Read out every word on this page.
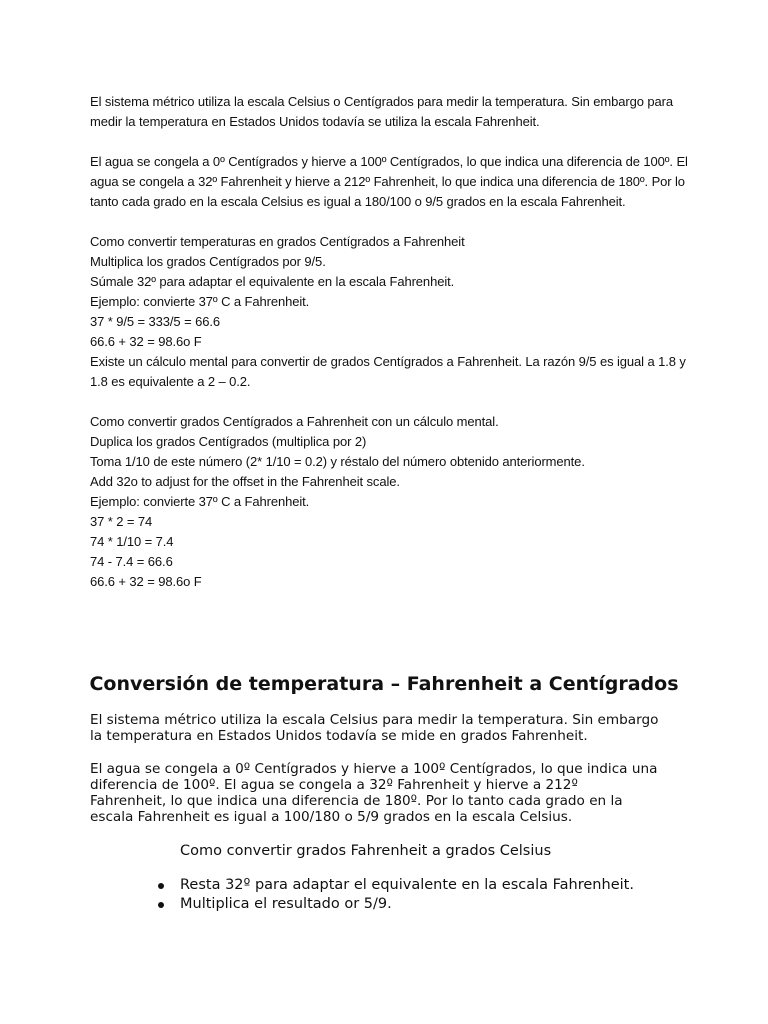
El sistema métrico utiliza la escala Celsius o Centígrados para medir la temperatura. Sin embargo para
medir la temperatura en Estados Unidos todavía se utiliza la escala Fahrenheit.
El agua se congela a 0º Centígrados y hierve a 100º Centígrados, lo que indica una diferencia de 100º. El
agua se congela a 32º Fahrenheit y hierve a 212º Fahrenheit, lo que indica una diferencia de 180º. Por lo
tanto cada grado en la escala Celsius es igual a 180/100 o 9/5 grados en la escala Fahrenheit.
Como convertir temperaturas en grados Centígrados a Fahrenheit
Multiplica los grados Centígrados por 9/5.
Súmale 32º para adaptar el equivalente en la escala Fahrenheit.
Ejemplo: convierte 37º C a Fahrenheit.
37 * 9/5 = 333/5 = 66.6
66.6 + 32 = 98.6o F
Existe un cálculo mental para convertir de grados Centígrados a Fahrenheit. La razón 9/5 es igual a 1.8 y
1.8 es equivalente a 2 – 0.2.
Como convertir grados Centígrados a Fahrenheit con un cálculo mental.
Duplica los grados Centígrados (multiplica por 2)
Toma 1/10 de este número (2* 1/10 = 0.2) y réstalo del número obtenido anteriormente.
Add 32o to adjust for the offset in the Fahrenheit scale.
Ejemplo: convierte 37º C a Fahrenheit.
37 * 2 = 74
74 * 1/10 = 7.4
74 - 7.4 = 66.6
66.6 + 32 = 98.6o F
Conversión de temperatura – Fahrenheit a Centígrados
El sistema métrico utiliza la escala Celsius para medir la temperatura. Sin embargo
la temperatura en Estados Unidos todavía se mide en grados Fahrenheit.
El agua se congela a 0º Centígrados y hierve a 100º Centígrados, lo que indica una
diferencia de 100º. El agua se congela a 32º Fahrenheit y hierve a 212º
Fahrenheit, lo que indica una diferencia de 180º. Por lo tanto cada grado en la
escala Fahrenheit es igual a 100/180 o 5/9 grados en la escala Celsius.

Como convertir grados Fahrenheit a grados Celsius

Resta 32º para adaptar el equivalente en la escala Fahrenheit.
Multiplica el resultado or 5/9.
